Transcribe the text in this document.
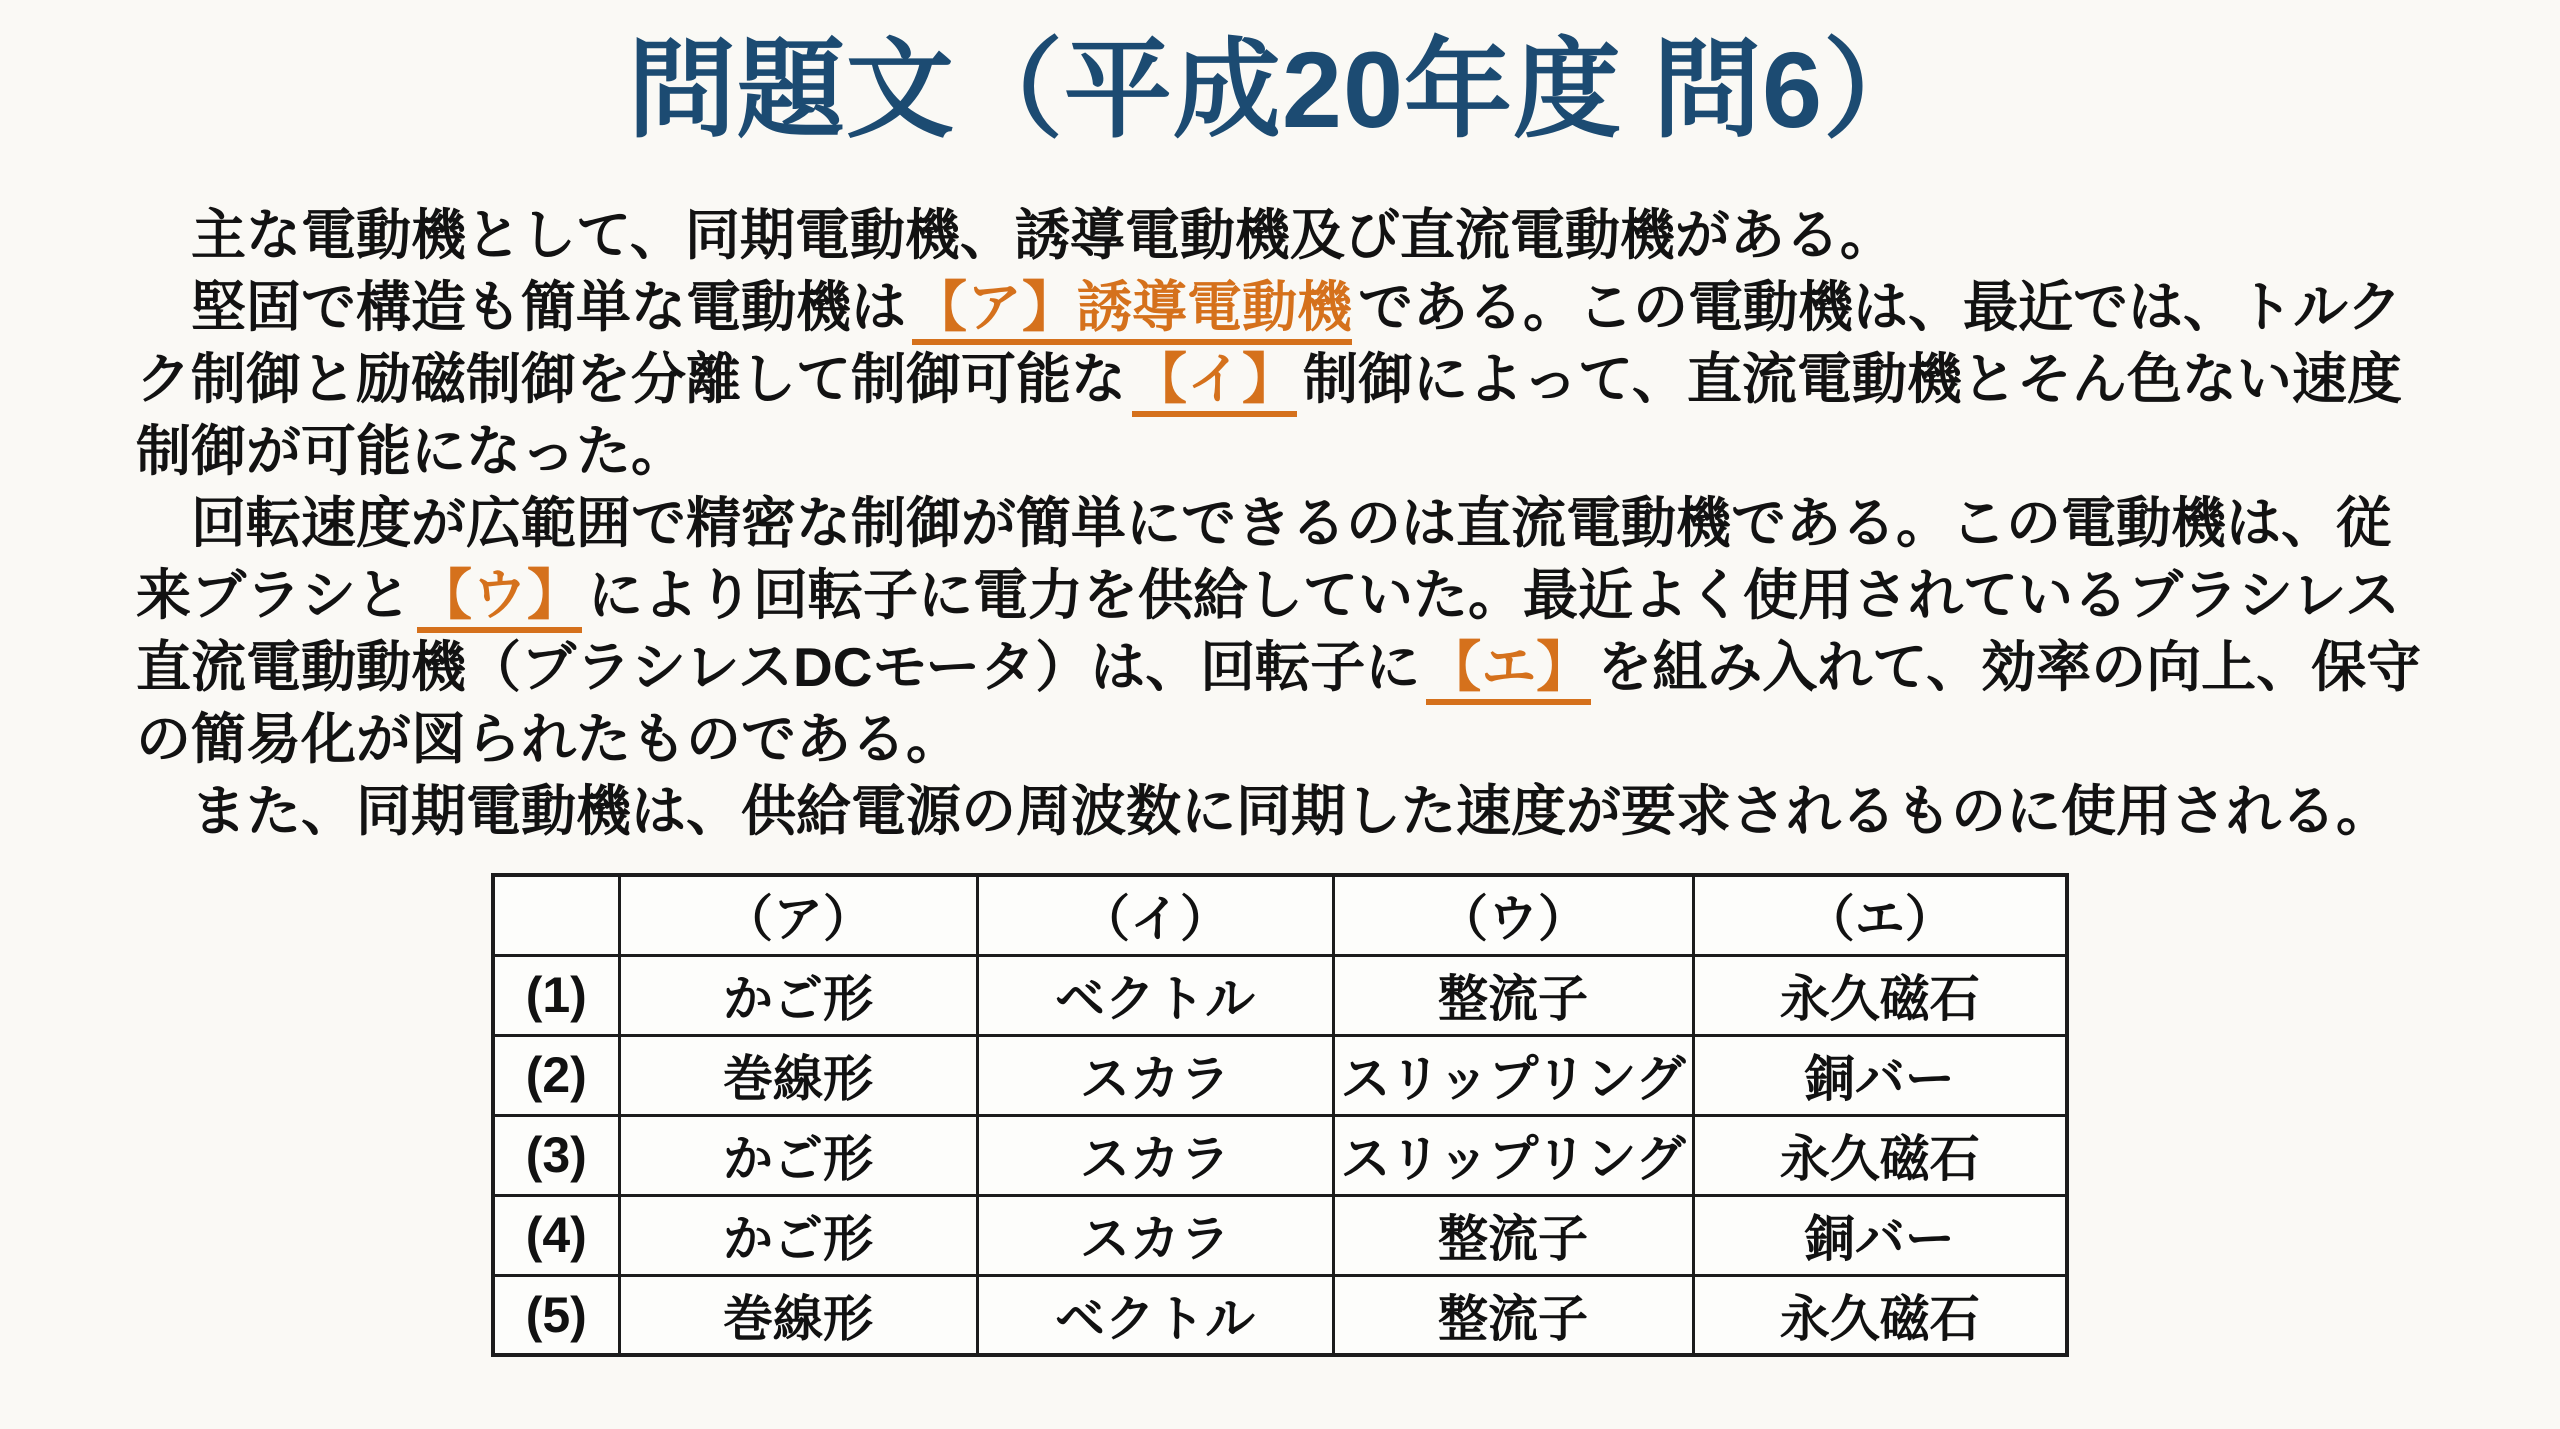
問題文（平成20年度 問6）
　主な電動機として、同期電動機、誘導電動機及び直流電動機がある。
　堅固で構造も簡単な電動機は 【ア】誘導電動機 である。この電動機は、最近では、トルク
ク制御と励磁制御を分離して制御可能な 【イ】 制御によって、直流電動機とそん色ない速度
制御が可能になった。
　回転速度が広範囲で精密な制御が簡単にできるのは直流電動機である。この電動機は、従
来ブラシと 【ウ】 により回転子に電力を供給していた。最近よく使用されているブラシレス
直流電動動機（ブラシレスDCモータ）は、回転子に 【エ】 を組み入れて、効率の向上、保守
の簡易化が図られたものである。
　また、同期電動機は、供給電源の周波数に同期した速度が要求されるものに使用される。
	（ア）	（イ）	（ウ）	（エ）
(1)	かご形	ベクトル	整流子	永久磁石
(2)	巻線形	スカラ	スリップリング	銅バー
(3)	かご形	スカラ	スリップリング	永久磁石
(4)	かご形	スカラ	整流子	銅バー
(5)	巻線形	ベクトル	整流子	永久磁石
